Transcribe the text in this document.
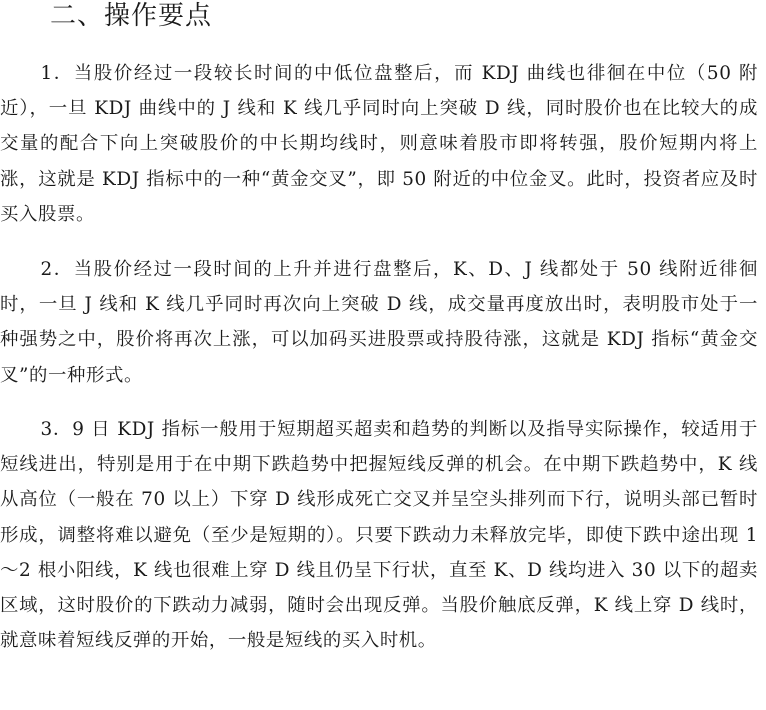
二、操作要点

1．当股价经过一段较长时间的中低位盘整后，而 KDJ 曲线也徘徊在中位（50 附近），一旦 KDJ 曲线中的 J 线和 K 线几乎同时向上突破 D 线，同时股价也在比较大的成交量的配合下向上突破股价的中长期均线时，则意味着股市即将转强，股价短期内将上涨，这就是 KDJ 指标中的一种“黄金交叉”，即 50 附近的中位金叉。此时，投资者应及时买入股票。

2．当股价经过一段时间的上升并进行盘整后，K、D、J 线都处于 50 线附近徘徊时，一旦 J 线和 K 线几乎同时再次向上突破 D 线，成交量再度放出时，表明股市处于一种强势之中，股价将再次上涨，可以加码买进股票或持股待涨，这就是 KDJ 指标“黄金交叉”的一种形式。

3．9 日 KDJ 指标一般用于短期超买超卖和趋势的判断以及指导实际操作，较适用于短线进出，特别是用于在中期下跌趋势中把握短线反弹的机会。在中期下跌趋势中，K 线从高位（一般在 70 以上）下穿 D 线形成死亡交叉并呈空头排列而下行，说明头部已暂时形成，调整将难以避免（至少是短期的）。只要下跌动力未释放完毕，即使下跌中途出现 1～2 根小阳线，K 线也很难上穿 D 线且仍呈下行状，直至 K、D 线均进入 30 以下的超卖区域，这时股价的下跌动力减弱，随时会出现反弹。当股价触底反弹，K 线上穿 D 线时，就意味着短线反弹的开始，一般是短线的买入时机。
